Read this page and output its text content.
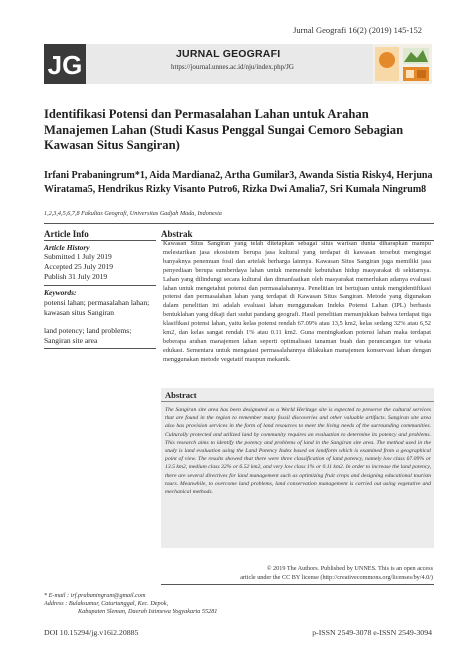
Jurnal Geografi 16(2) (2019) 145-152
JG	JURNAL GEOGRAFI
https://journal.unnes.ac.id/nju/index.php/JG
Identifikasi Potensi dan Permasalahan Lahan untuk Arahan Manajemen Lahan (Studi Kasus Penggal Sungai Cemoro Sebagian Kawasan Situs Sangiran)
Irfani Prabaningrum*1, Aida Mardiana2, Artha Gumilar3, Awanda Sistia Risky4, Herjuna Wiratama5, Hendrikus Rizky Visanto Putro6, Rizka Dwi Amalia7, Sri Kumala Ningrum8
1,2,3,4,5,6,7,8 Fakultas Geografi, Universitas Gadjah Mada, Indonesia
Article Info	Abstrak
Article History
Submitted 1 July 2019
Accepted 25 July 2019
Publish 31 July 2019
Keywords:
potensi lahan; permasalahan lahan; kawasan situs Sangiran
land potency; land problems; Sangiran site area
Kawasan Situs Sangiran yang telah ditetapkan sebagai situs warisan dunia diharapkan mampu melestarikan jasa ekosistem berupa jasa kultural yang terdapat di kawasan tersebut mengingat banyaknya penemuan fosil dan artefak berharga lainnya. Kawasan Situs Sangiran juga memiliki jasa penyediaan berupa sumberdaya lahan untuk memenuhi kebutuhan hidup masyarakat di sekitarnya. Lahan yang dilindungi secara kultural dan dimanfaatkan oleh masyarakat memerlukan adanya evaluasi lahan untuk mengetahui potensi dan permasalahannya. Penelitian ini bertujuan untuk mengidentifikasi potensi dan permasalahan lahan yang terdapat di Kawasan Situs Sangiran. Metode yang digunakan dalam penelitian ini adalah evaluasi lahan menggunakan Indeks Potensi Lahan (IPL) berbasis bentuklahan yang dikaji dari sudut pandang geografi. Hasil penelitian menunjukkan bahwa terdapat tiga klasifikasi potensi lahan, yaitu kelas potensi rendah 67.09% atau 13,5 km2, kelas sedang 32% atau 6,52 km2, dan kelas sangat rendah 1% atau 0.11 km2. Guna meningkatkan potensi lahan maka terdapat beberapa arahan manajemen lahan seperti optimalisasi tanaman buah dan perancangan tur wisata edukasi. Sementara untuk mengatasi permasalahannya dilakukan manajemen konservasi lahan dengan menggunakan metode vegetatif maupun mekanik.
Abstract
The Sangiran site area has been designated as a World Heritage site is expected to preserve the cultural services that are found in the region to remember many fossil discoveries and other valuable artifacts. Sangiran site area also has provision services in the form of land resources to meet the living needs of the surrounding communities. Culturally protected and utilized land by community requires an evaluation to determine its potency and problems. This research aims to identify the potency and problems of land in the Sangiran site area. The method used in the study is land evaluation using the Land Potency Index based on landform which is examined from a geographical point of view. The results showed that there were three classification of land potency, namely low class 67.09% or 13.5 km2, medium class 32% or 6.52 km2, and very low class 1% or 0.11 km2. In order to increase the land potency, there are several directives for land management such as optimizing fruit crops and designing educational tourism tours. Meanwhile, to overcome land problems, land conservation management is carried out using vegetative and mechanical methods.
© 2019 The Authors. Published by UNNES. This is an open access
article under the CC BY license (http://creativecommons.org/licenses/by/4.0/)
* E-mail : irf.prabaningrum@gmail.com
Address : Bulaksumur, Caturtunggal, Kec. Depok,
Kabupaten Sleman, Daerah Istimewa Yogyakarta 55281
DOI 10.15294/jg.v16i2.20885	p-ISSN 2549-3078 e-ISSN 2549-3094
